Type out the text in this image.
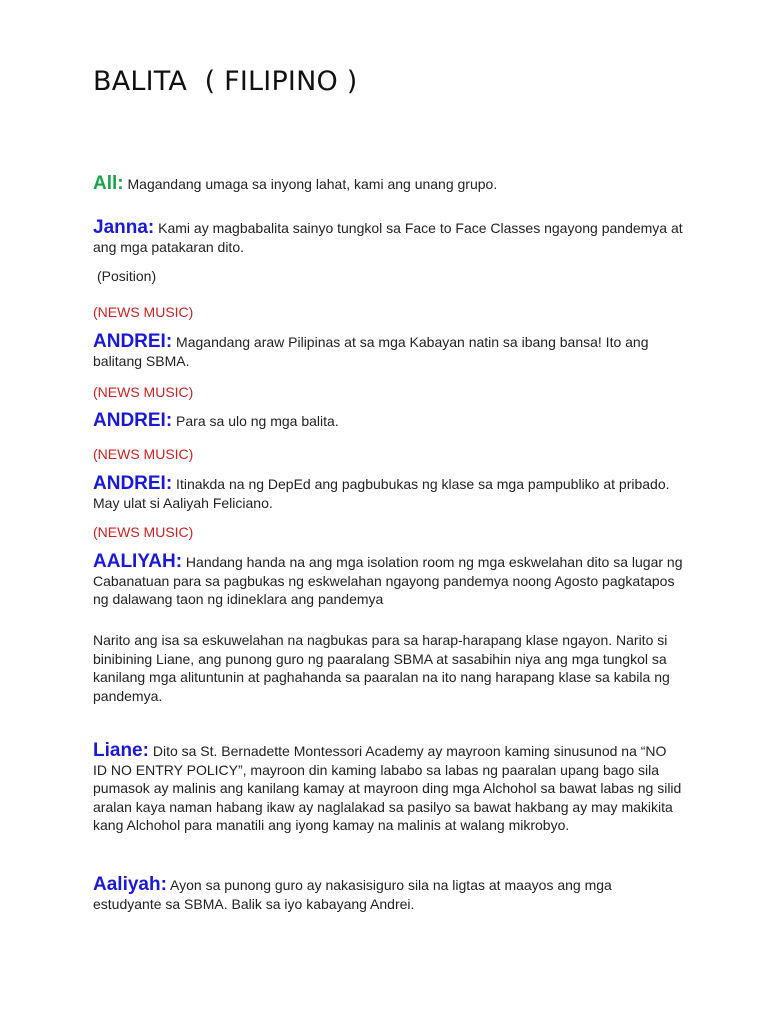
BALITA  ( FILIPINO )
All: Magandang umaga sa inyong lahat, kami ang unang grupo.
Janna: Kami ay magbabalita sainyo tungkol sa Face to Face Classes ngayong pandemya at ang mga patakaran dito.
(Position)
(NEWS MUSIC)
ANDREI: Magandang araw Pilipinas at sa mga Kabayan natin sa ibang bansa! Ito ang balitang SBMA.
(NEWS MUSIC)
ANDREI: Para sa ulo ng mga balita.
(NEWS MUSIC)
ANDREI: Itinakda na ng DepEd ang pagbubukas ng klase sa mga pampubliko at pribado. May ulat si Aaliyah Feliciano.
(NEWS MUSIC)
AALIYAH: Handang handa na ang mga isolation room ng mga eskwelahan dito sa lugar ng Cabanatuan para sa pagbukas ng eskwelahan ngayong pandemya noong Agosto pagkatapos ng dalawang taon ng idineklara ang pandemya
Narito ang isa sa eskuwelahan na nagbukas para sa harap-harapang klase ngayon. Narito si binibining Liane, ang punong guro ng paaralang SBMA at sasabihin niya ang mga tungkol sa kanilang mga alituntunin at paghahanda sa paaralan na ito nang harapang klase sa kabila ng pandemya.
Liane: Dito sa St. Bernadette Montessori Academy ay mayroon kaming sinusunod na “NO ID NO ENTRY POLICY”, mayroon din kaming lababo sa labas ng paaralan upang bago sila pumasok ay malinis ang kanilang kamay at mayroon ding mga Alchohol sa bawat labas ng silid aralan kaya naman habang ikaw ay naglalakad sa pasilyo sa bawat hakbang ay may makikita kang Alchohol para manatili ang iyong kamay na malinis at walang mikrobyo.
Aaliyah: Ayon sa punong guro ay nakasisiguro sila na ligtas at maayos ang mga estudyante sa SBMA. Balik sa iyo kabayang Andrei.
